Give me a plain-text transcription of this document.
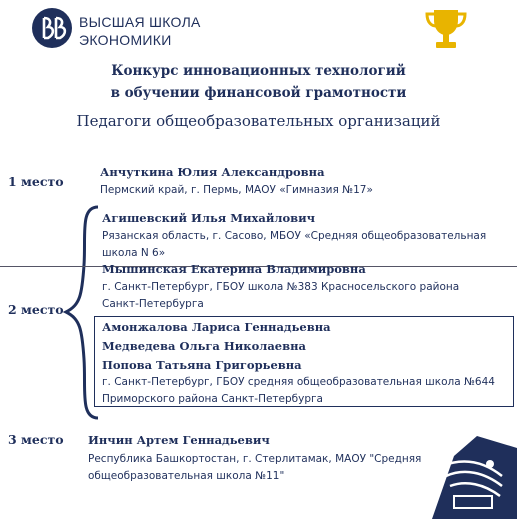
ВЫСШАЯ ШКОЛА
ЭКОНОМИКИ
Конкурс инновационных технологий
в обучении финансовой грамотности
Педагоги общеобразовательных организаций
1 место
2 место
3 место
Анчуткина Юлия Александровна
Пермский край, г. Пермь, МАОУ «Гимназия №17»
Агишевский Илья Михайлович
Рязанская область, г. Сасово, МБОУ «Средняя общеобразовательная
школа N 6»
Мышинская Екатерина Владимировна
г. Санкт-Петербург, ГБОУ школа №383 Красносельского района
Санкт-Петербурга
Амонжалова Лариса Геннадьевна
Медведева Ольга Николаевна
Попова Татьяна Григорьевна
г. Санкт-Петербург, ГБОУ средняя общеобразовательная школа №644
Приморского района Санкт-Петербурга
Инчин Артем Геннадьевич
Республика Башкортостан, г. Стерлитамак, МАОУ "Средняя
общеобразовательная школа №11"
